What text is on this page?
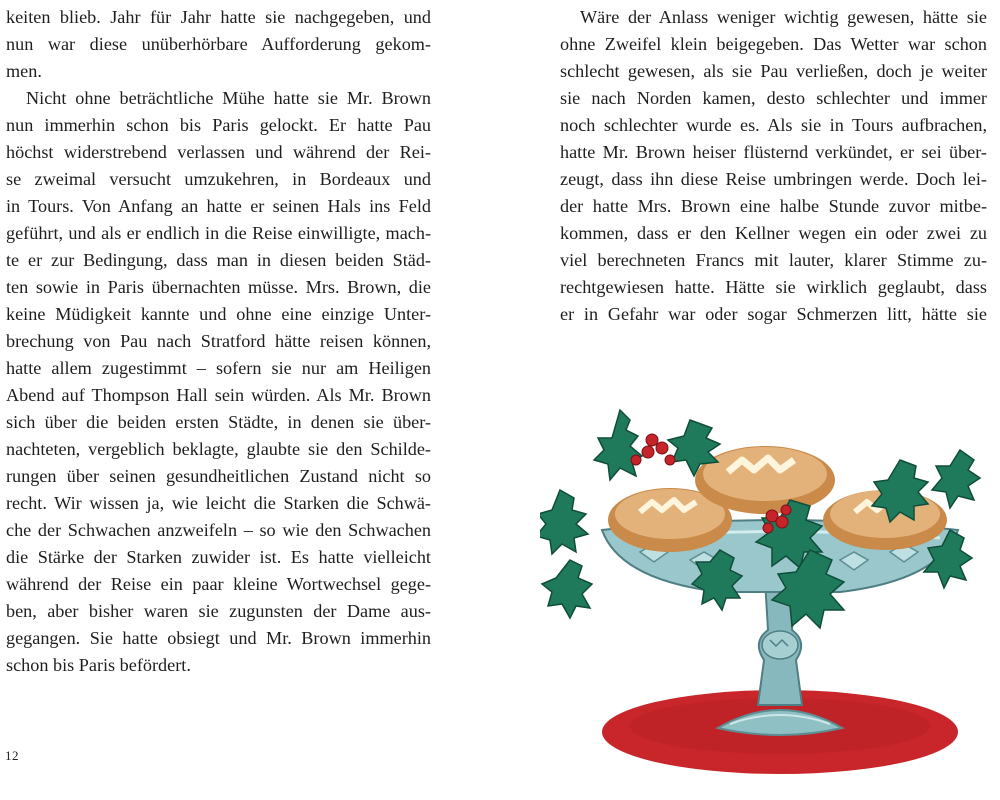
keiten blieb. Jahr für Jahr hatte sie nachgegeben, und
nun war diese unüberhörbare Aufforderung gekom-
men.
Nicht ohne beträchtliche Mühe hatte sie Mr. Brown
nun immerhin schon bis Paris gelockt. Er hatte Pau
höchst widerstrebend verlassen und während der Rei-
se zweimal versucht umzukehren, in Bordeaux und
in Tours. Von Anfang an hatte er seinen Hals ins Feld
geführt, und als er endlich in die Reise einwilligte, mach-
te er zur Bedingung, dass man in diesen beiden Städ-
ten sowie in Paris übernachten müsse. Mrs. Brown, die
keine Müdigkeit kannte und ohne eine einzige Unter-
brechung von Pau nach Stratford hätte reisen können,
hatte allem zugestimmt – sofern sie nur am Heiligen
Abend auf Thompson Hall sein würden. Als Mr. Brown
sich über die beiden ersten Städte, in denen sie über-
nachteten, vergeblich beklagte, glaubte sie den Schilde-
rungen über seinen gesundheitlichen Zustand nicht so
recht. Wir wissen ja, wie leicht die Starken die Schwä-
che der Schwachen anzweifeln – so wie den Schwachen
die Stärke der Starken zuwider ist. Es hatte vielleicht
während der Reise ein paar kleine Wortwechsel gege-
ben, aber bisher waren sie zugunsten der Dame aus-
gegangen. Sie hatte obsiegt und Mr. Brown immerhin
schon bis Paris befördert.
12
Wäre der Anlass weniger wichtig gewesen, hätte sie
ohne Zweifel klein beigegeben. Das Wetter war schon
schlecht gewesen, als sie Pau verließen, doch je weiter
sie nach Norden kamen, desto schlechter und immer
noch schlechter wurde es. Als sie in Tours aufbrachen,
hatte Mr. Brown heiser flüsternd verkündet, er sei über-
zeugt, dass ihn diese Reise umbringen werde. Doch lei-
der hatte Mrs. Brown eine halbe Stunde zuvor mitbe-
kommen, dass er den Kellner wegen ein oder zwei zu
viel berechneten Francs mit lauter, klarer Stimme zu-
rechtgewiesen hatte. Hätte sie wirklich geglaubt, dass
er in Gefahr war oder sogar Schmerzen litt, hätte sie
